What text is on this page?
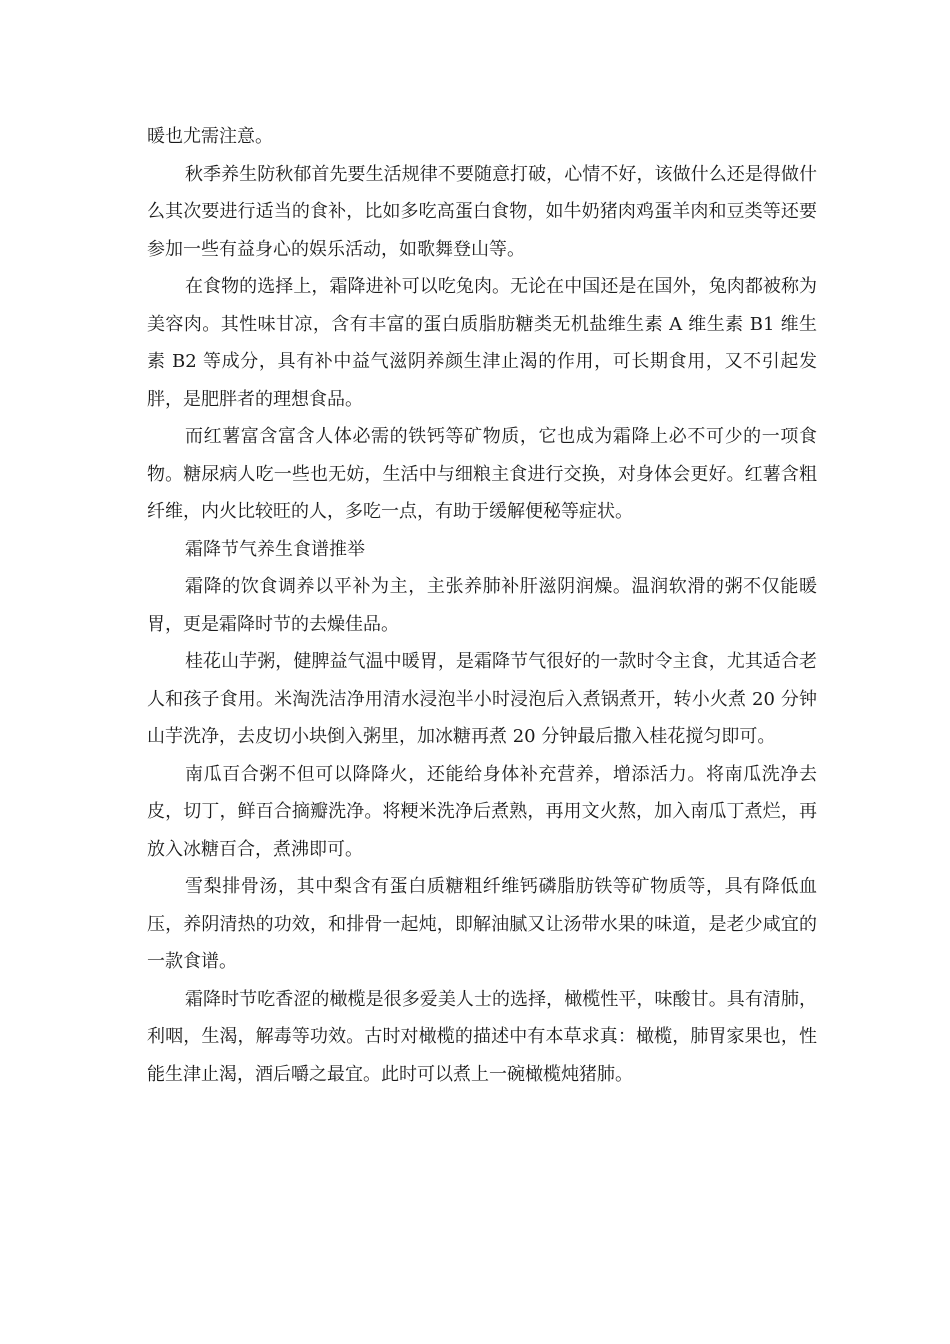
暖也尤需注意。

秋季养生防秋郁首先要生活规律不要随意打破，心情不好，该做什么还是得做什么其次要进行适当的食补，比如多吃高蛋白食物，如牛奶猪肉鸡蛋羊肉和豆类等还要参加一些有益身心的娱乐活动，如歌舞登山等。

在食物的选择上，霜降进补可以吃兔肉。无论在中国还是在国外，兔肉都被称为美容肉。其性味甘凉，含有丰富的蛋白质脂肪糖类无机盐维生素 A 维生素 B1 维生素 B2 等成分，具有补中益气滋阴养颜生津止渴的作用，可长期食用，又不引起发胖，是肥胖者的理想食品。

而红薯富含富含人体必需的铁钙等矿物质，它也成为霜降上必不可少的一项食物。糖尿病人吃一些也无妨，生活中与细粮主食进行交换，对身体会更好。红薯含粗纤维，内火比较旺的人，多吃一点，有助于缓解便秘等症状。

霜降节气养生食谱推举

霜降的饮食调养以平补为主，主张养肺补肝滋阴润燥。温润软滑的粥不仅能暖胃，更是霜降时节的去燥佳品。

桂花山芋粥，健脾益气温中暖胃，是霜降节气很好的一款时令主食，尤其适合老人和孩子食用。米淘洗洁净用清水浸泡半小时浸泡后入煮锅煮开，转小火煮 20 分钟山芋洗净，去皮切小块倒入粥里，加冰糖再煮 20 分钟最后撒入桂花搅匀即可。

南瓜百合粥不但可以降降火，还能给身体补充营养，增添活力。将南瓜洗净去皮，切丁，鲜百合摘瓣洗净。将粳米洗净后煮熟，再用文火熬，加入南瓜丁煮烂，再放入冰糖百合，煮沸即可。

雪梨排骨汤，其中梨含有蛋白质糖粗纤维钙磷脂肪铁等矿物质等，具有降低血压，养阴清热的功效，和排骨一起炖，即解油腻又让汤带水果的味道，是老少咸宜的一款食谱。

霜降时节吃香涩的橄榄是很多爱美人士的选择，橄榄性平，味酸甘。具有清肺，利咽，生渴，解毒等功效。古时对橄榄的描述中有本草求真：橄榄，肺胃家果也，性能生津止渴，酒后嚼之最宜。此时可以煮上一碗橄榄炖猪肺。
